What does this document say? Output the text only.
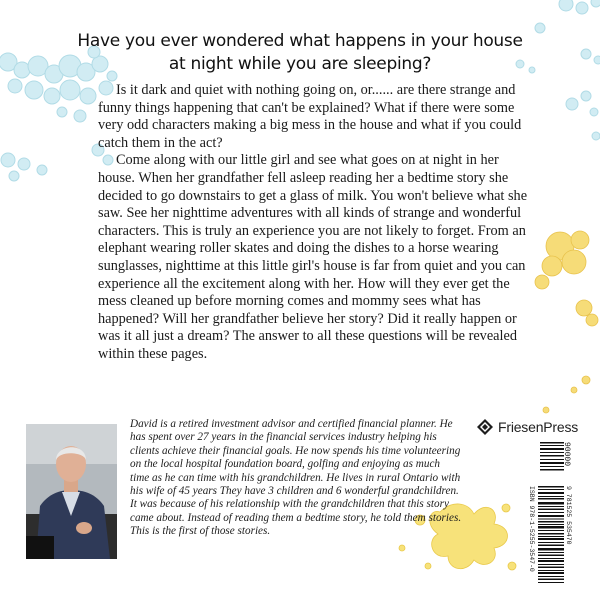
Have you ever wondered what happens in your house
at night while you are sleeping?

Is it dark and quiet with nothing going on, or...... are there strange and funny things happening that can't be explained? What if there were some very odd characters making a big mess in the house and what if you could catch them in the act?

Come along with our little girl and see what goes on at night in her house. When her grandfather fell asleep reading her a bedtime story she decided to go downstairs to get a glass of milk. You won't believe what she saw. See her nighttime adventures with all kinds of strange and wonderful characters. This is truly an experience you are not likely to forget. From an elephant wearing roller skates and doing the dishes to a horse wearing sunglasses, nighttime at this little girl's house is far from quiet and you can experience all the excitement along with her. How will they ever get the mess cleaned up before morning comes and mommy sees what has happened? Will her grandfather believe her story? Did it really happen or was it all just a dream? The answer to all these questions will be revealed within these pages.

David is a retired investment advisor and certified financial planner. He has spent over 27 years in the financial services industry helping his clients achieve their financial goals. He now spends his time volunteering on the local hospital foundation board, golfing and enjoying as much time as he can time with his grandchildren. He lives in rural Ontario with his wife of 45 years They have 3 children and 6 wonderful grandchildren. It was because of his relationship with the grandchildren that this story came about. Instead of reading them a bedtime story, he told them stories. This is the first of those stories.

FriesenPress
9 781525 535470
ISBN 978-1-5255-3547-0
90000
